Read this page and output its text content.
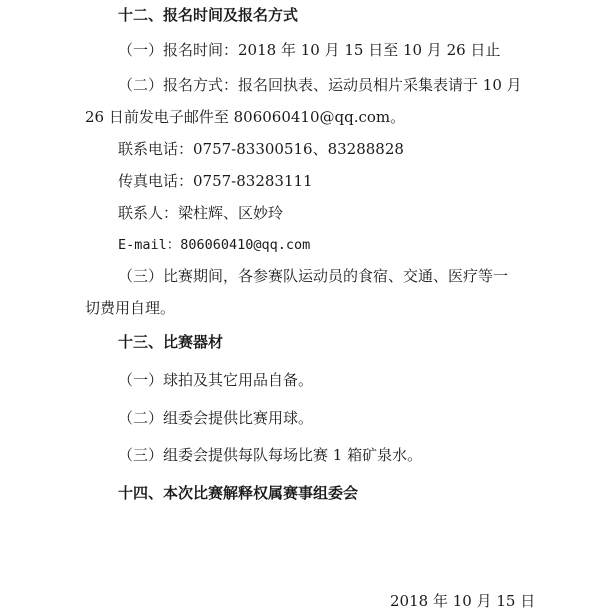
十二、报名时间及报名方式
（一）报名时间：2018 年 10 月 15 日至 10 月 26 日止
（二）报名方式：报名回执表、运动员相片采集表请于 10 月
26 日前发电子邮件至 806060410@qq.com。
联系电话：0757-83300516、83288828
传真电话：0757-83283111
联系人：梁柱辉、区妙玲
E-mail：806060410@qq.com
（三）比赛期间，各参赛队运动员的食宿、交通、医疗等一
切费用自理。
十三、比赛器材
（一）球拍及其它用品自备。
（二）组委会提供比赛用球。
（三）组委会提供每队每场比赛 1 箱矿泉水。
十四、本次比赛解释权属赛事组委会
2018 年 10 月 15 日
